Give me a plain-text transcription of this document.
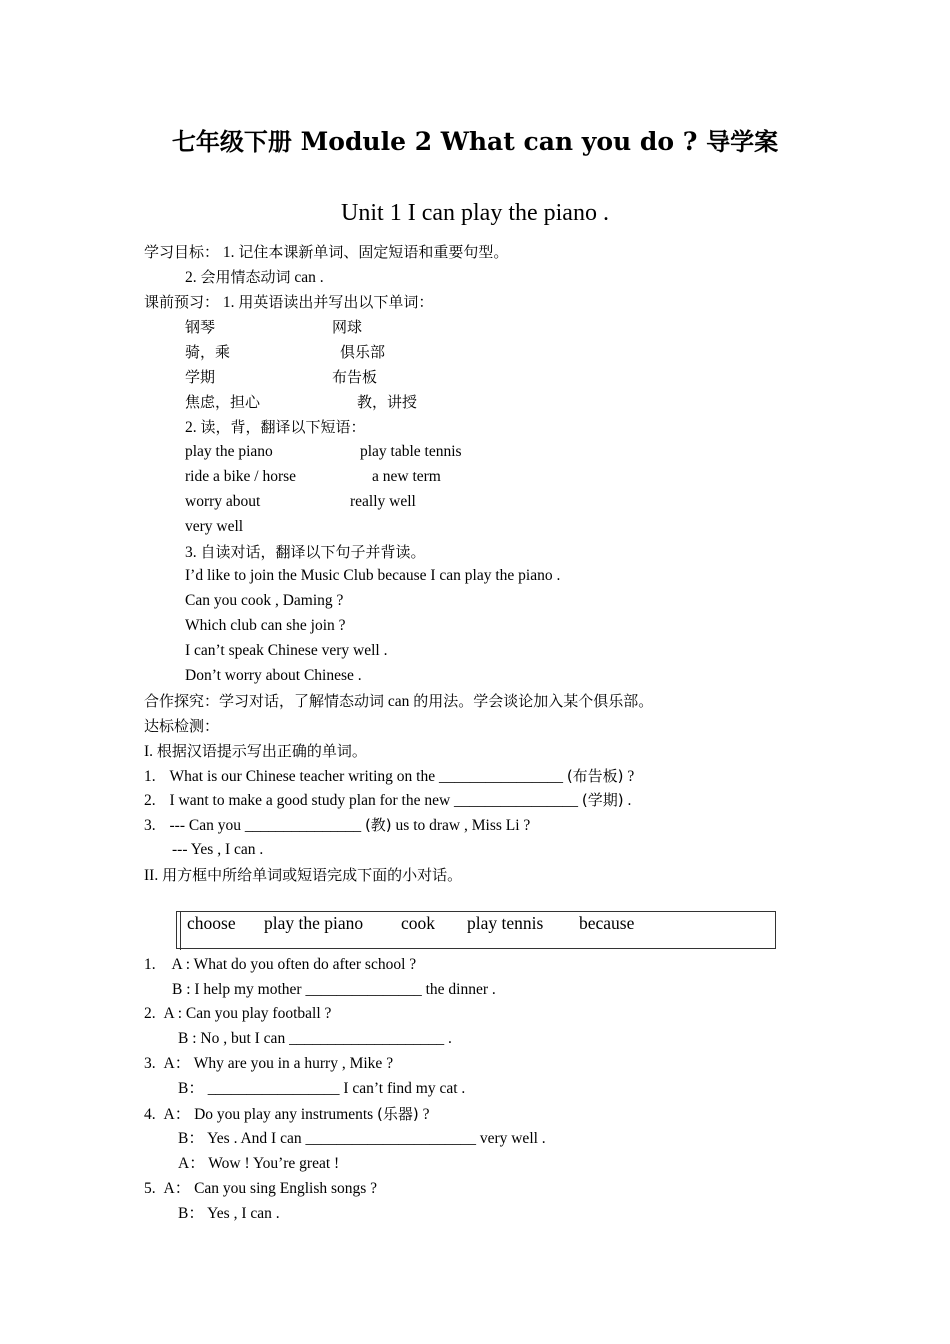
七年级下册 Module 2 What can you do ? 导学案
Unit 1 I can play the piano .
学习目标： 1. 记住本课新单词、固定短语和重要句型。
2. 会用情态动词 can .
课前预习： 1. 用英语读出并写出以下单词：
钢琴	网球
骑，乘	俱乐部
学期	布告板
焦虑，担心	教，讲授
2. 读，背，翻译以下短语：
play the piano	play table tennis
ride a bike / horse	a new term
worry about	really well
very well
3. 自读对话，翻译以下句子并背读。
I’d like to join the Music Club because I can play the piano .
Can you cook , Daming ?
Which club can she join ?
I can’t speak Chinese very well .
Don’t worry about Chinese .
合作探究：学习对话，了解情态动词 can 的用法。学会谈论加入某个俱乐部。
达标检测：
I. 根据汉语提示写出正确的单词。
1. What is our Chinese teacher writing on the ________________ (布告板) ?
2. I want to make a good study plan for the new ________________ (学期) .
3. --- Can you _______________ (教) us to draw , Miss Li ?
--- Yes , I can .
II. 用方框中所给单词或短语完成下面的小对话。
choose play the piano cook play tennis because
1. A : What do you often do after school ?
B : I help my mother _______________ the dinner .
2. A : Can you play football ?
B : No , but I can ____________________ .
3. A： Why are you in a hurry , Mike ?
B： _________________ I can’t find my cat .
4. A： Do you play any instruments (乐器) ?
B： Yes . And I can ______________________ very well .
A： Wow ! You’re great !
5. A： Can you sing English songs ?
B： Yes , I can .
